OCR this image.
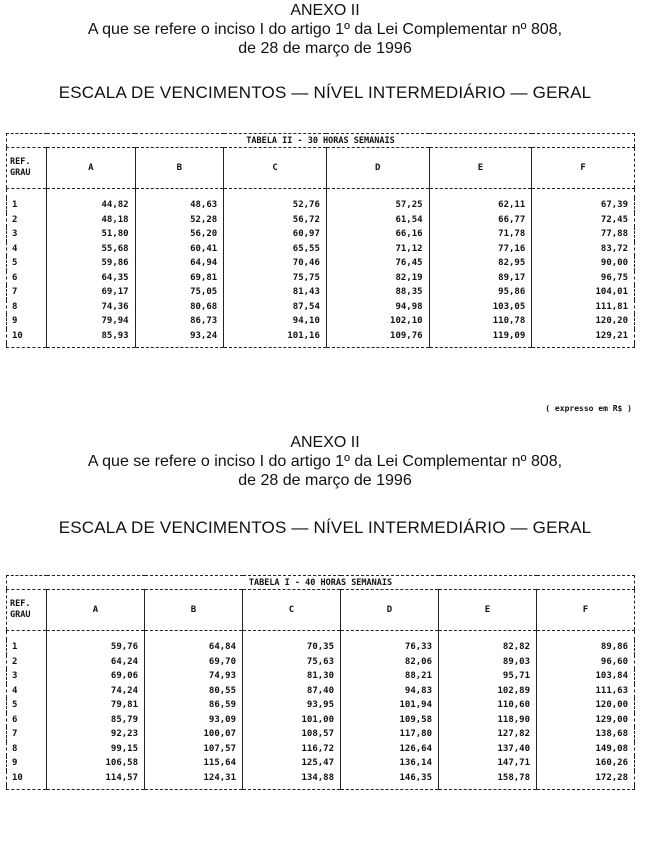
ANEXO II
A que se refere o inciso I do artigo 1º da Lei Complementar nº 808,
de 28 de março de 1996
ESCALA DE VENCIMENTOS — NÍVEL INTERMEDIÁRIO — GERAL
TABELA II - 30 HORAS SEMANAIS						
REF.
GRAU	A	B	C	D	E	F

1	44,82	48,63	52,76	57,25	62,11	67,39
2	48,18	52,28	56,72	61,54	66,77	72,45
3	51,80	56,20	60,97	66,16	71,78	77,88
4	55,68	60,41	65,55	71,12	77,16	83,72
5	59,86	64,94	70,46	76,45	82,95	90,00
6	64,35	69,81	75,75	82,19	89,17	96,75
7	69,17	75,05	81,43	88,35	95,86	104,01
8	74,36	80,68	87,54	94,98	103,05	111,81
9	79,94	86,73	94,10	102,10	110,78	120,20
10	85,93	93,24	101,16	109,76	119,09	129,21

( expresso em R$ )
ANEXO II
A que se refere o inciso I do artigo 1º da Lei Complementar nº 808,
de 28 de março de 1996
ESCALA DE VENCIMENTOS — NÍVEL INTERMEDIÁRIO — GERAL
TABELA I - 40 HORAS SEMANAIS						
REF.
GRAU	A	B	C	D	E	F

1	59,76	64,84	70,35	76,33	82,82	89,86
2	64,24	69,70	75,63	82,06	89,03	96,60
3	69,06	74,93	81,30	88,21	95,71	103,84
4	74,24	80,55	87,40	94,83	102,89	111,63
5	79,81	86,59	93,95	101,94	110,60	120,00
6	85,79	93,09	101,00	109,58	118,90	129,00
7	92,23	100,07	108,57	117,80	127,82	138,68
8	99,15	107,57	116,72	126,64	137,40	149,08
9	106,58	115,64	125,47	136,14	147,71	160,26
10	114,57	124,31	134,88	146,35	158,78	172,28
